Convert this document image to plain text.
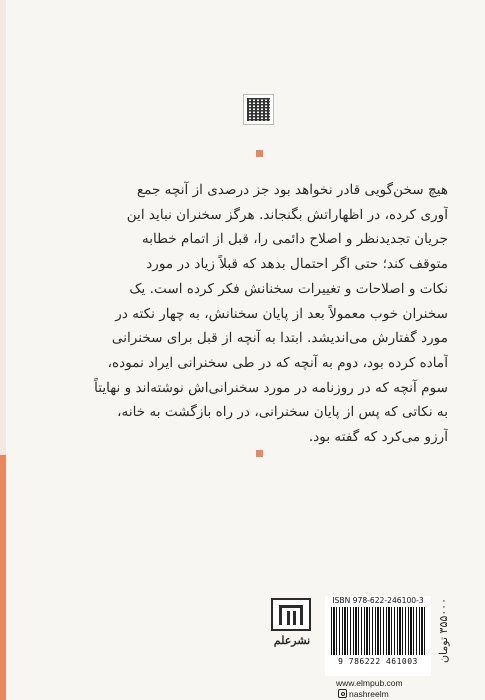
هیچ سخن‌گویی قادر نخواهد بود جز درصدی از آنچه جمع
آوری کرده، در اظهاراتش بگنجاند. هرگز سخنران نباید این
جریان تجدیدنظر و اصلاح دائمی را، قبل از اتمام خطابه
متوقف کند؛ حتی اگر احتمال بدهد که قبلاً زیاد در مورد
نکات و اصلاحات و تغییرات سخنانش فکر کرده است. یک
سخنران خوب معمولاً بعد از پایان سخنانش، به چهار نکته در
مورد گفتارش می‌اندیشد. ابتدا به آنچه از قبل برای سخنرانی
آماده کرده بود، دوم به آنچه که در طی سخنرانی ایراد نموده،
سوم آنچه که در روزنامه در مورد سخنرانی‌اش نوشته‌اند و نهایتاً
به نکاتی که پس از پایان سخنرانی، در راه بازگشت به خانه،
آرزو می‌کرد که گفته بود.
نشرعلم
ISBN 978-622-246100-3
9 786222 461003	۳۵۵۰۰۰ تومان
www.elmpub.com
nashreelm
